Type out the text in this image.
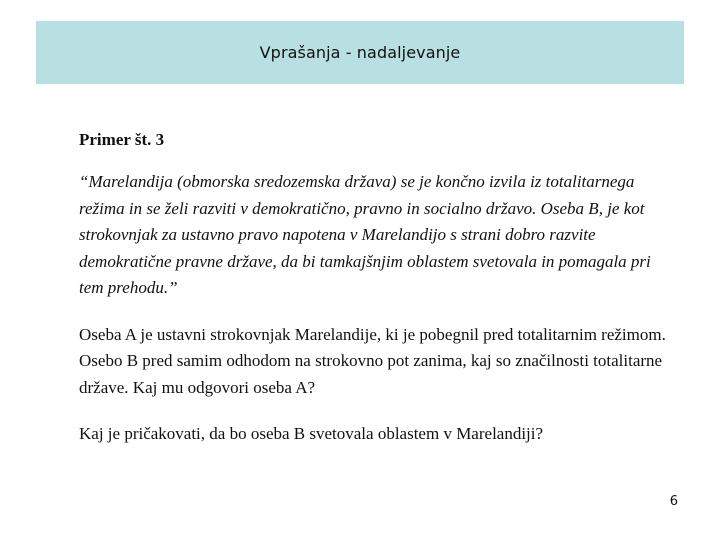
Vprašanja - nadaljevanje

Primer št. 3

“Marelandija (obmorska sredozemska država) se je končno izvila iz totalitarnega režima in se želi razviti v demokratično, pravno in socialno državo. Oseba B, je kot strokovnjak za ustavno pravo napotena v Marelandijo s strani dobro razvite demokratične pravne države, da bi tamkajšnjim oblastem svetovala in pomagala pri tem prehodu.”

Oseba A je ustavni strokovnjak Marelandije, ki je pobegnil pred totalitarnim režimom. Osebo B pred samim odhodom na strokovno pot zanima, kaj so značilnosti totalitarne države. Kaj mu odgovori oseba A?

Kaj je pričakovati, da bo oseba B svetovala oblastem v Marelandiji?

6
